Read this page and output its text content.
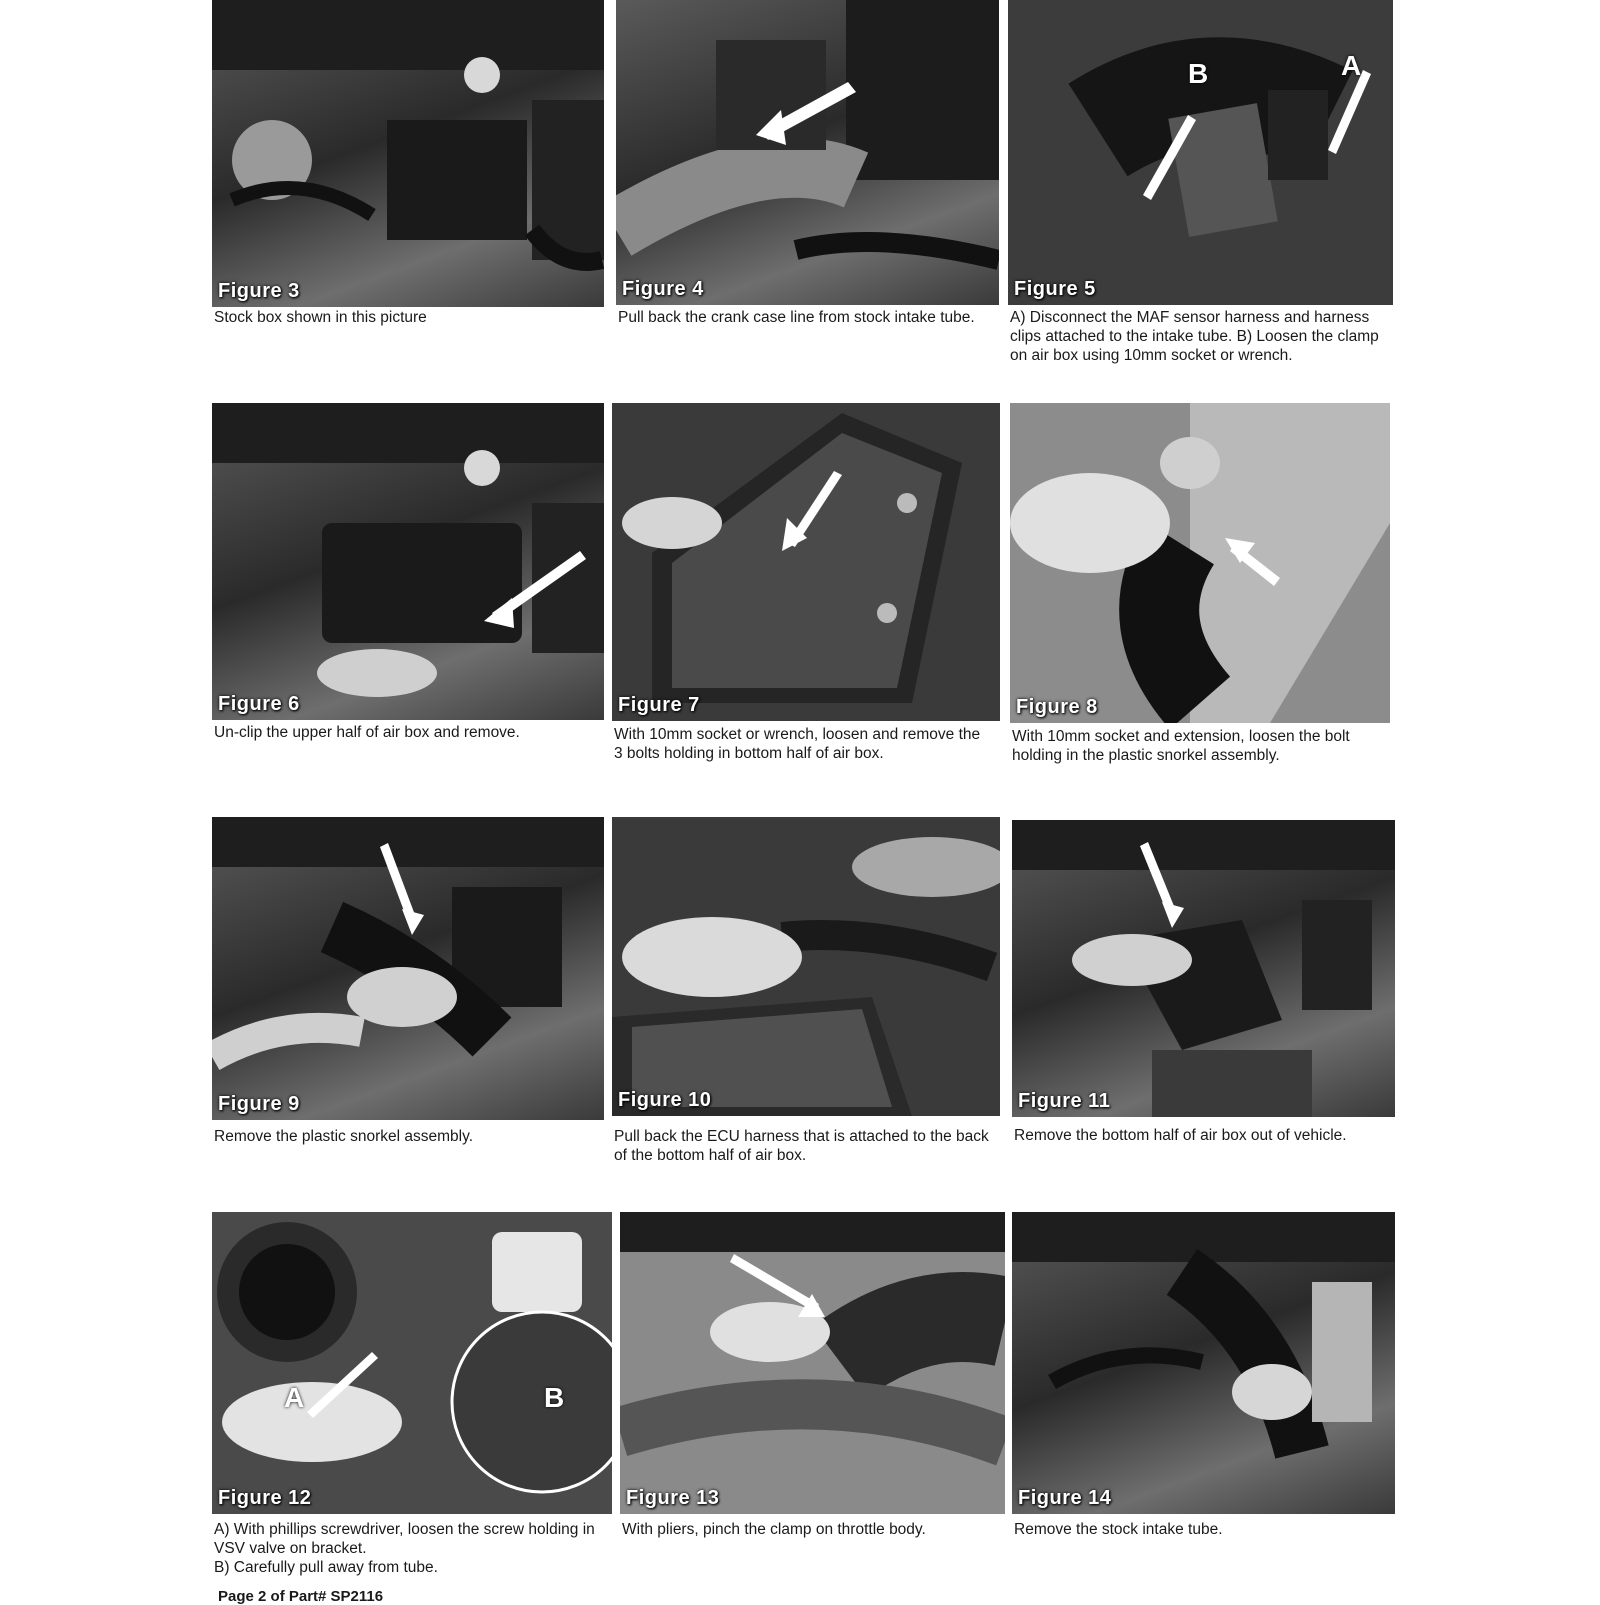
Figure 3
Stock box shown in this picture
Figure 4
Pull back the crank case line from stock intake tube.
B	A
Figure 5
A) Disconnect the MAF sensor harness and harness
clips attached to the intake tube. B) Loosen the clamp
on air box using 10mm socket or wrench.
Figure 6
Un-clip the upper half of air box and remove.
Figure 7
With 10mm socket or wrench, loosen and remove the
3 bolts holding in bottom half of air box.
Figure 8
With 10mm socket and extension, loosen the bolt
holding in the plastic snorkel assembly.
Figure 9
Remove the plastic snorkel assembly.
Figure 10
Pull back the ECU harness that is attached to the back
of the bottom half of air box.
Figure 11
Remove the bottom half of air box out of vehicle.
A	B
Figure 12
A) With phillips screwdriver, loosen the screw holding in
VSV valve on bracket.
B) Carefully pull away from tube.
Figure 13
With pliers, pinch the clamp on throttle body.
Figure 14
Remove the stock intake tube.
Page 2 of Part# SP2116
